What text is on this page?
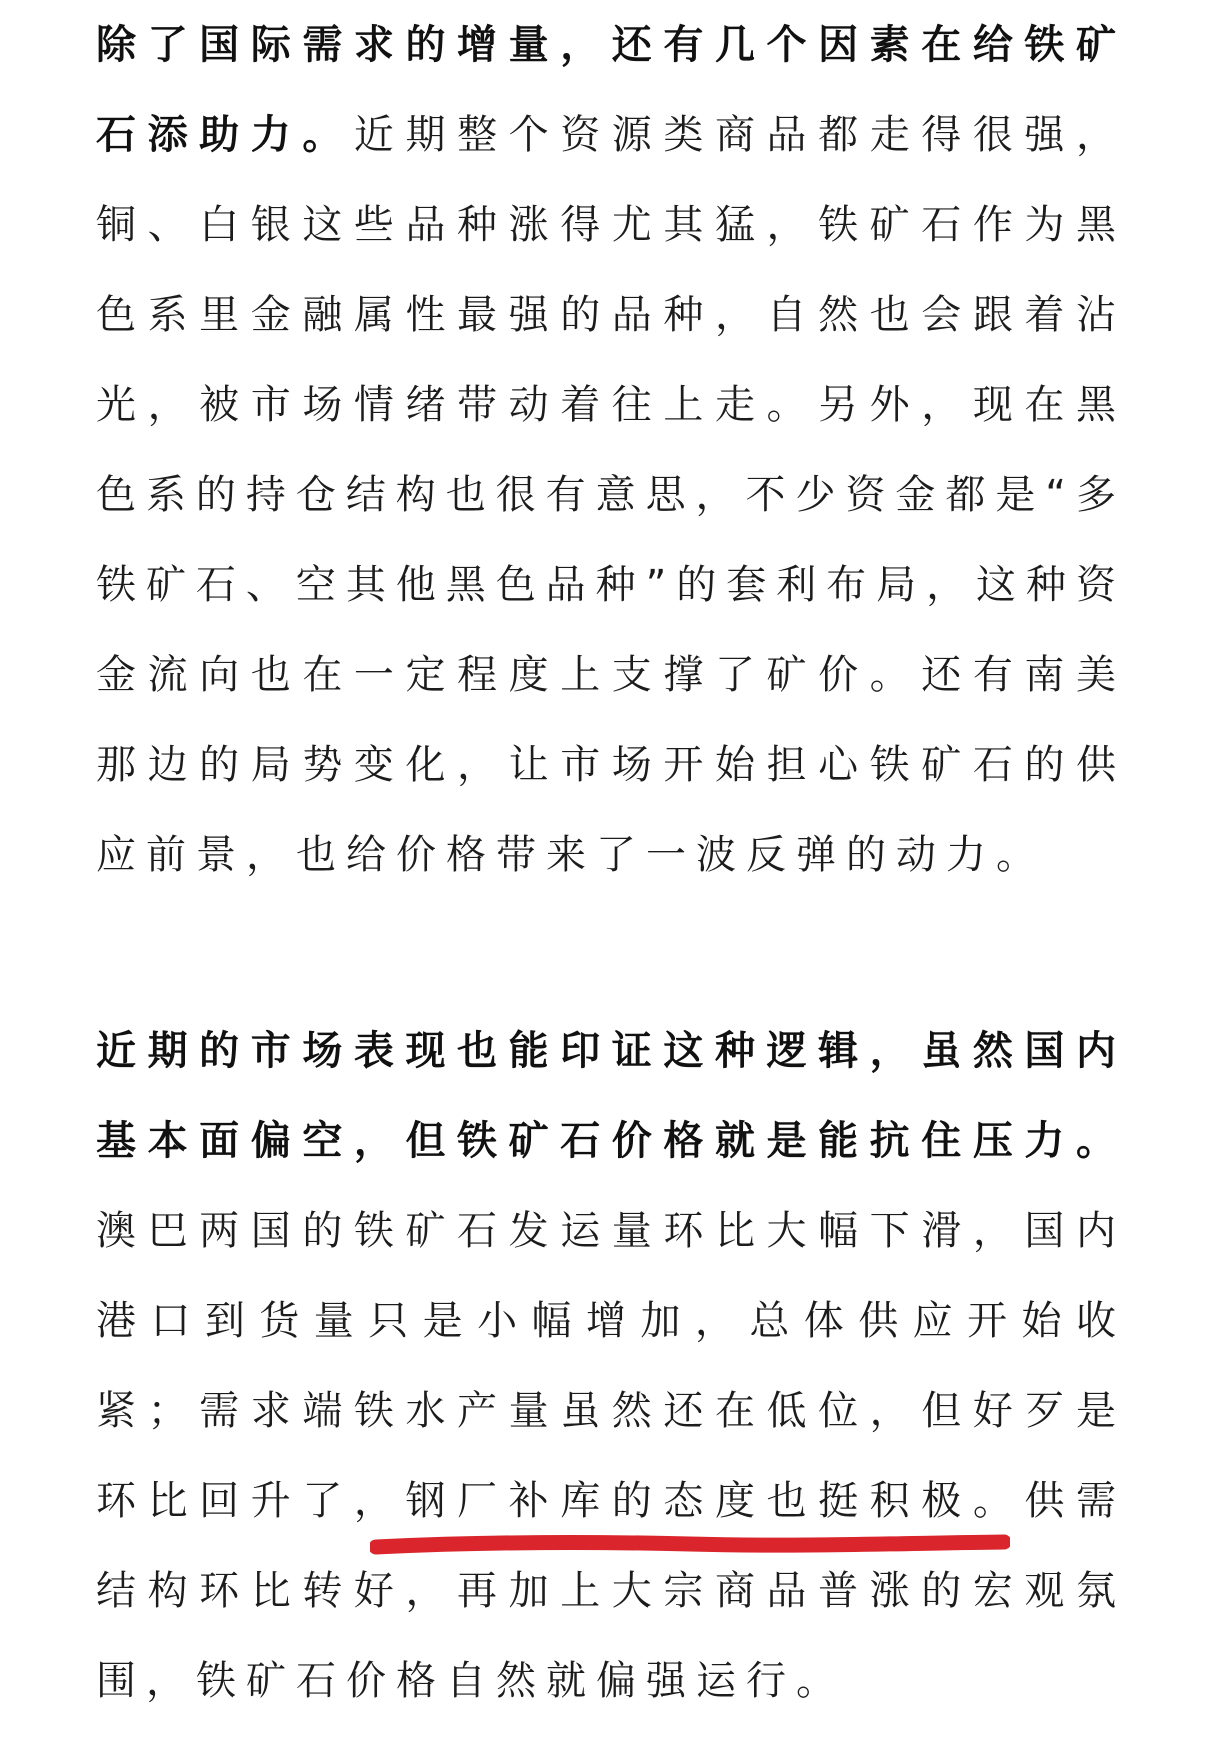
除了国际需求的增量，还有几个因素在给铁矿
石添助力。近期整个资源类商品都走得很强，
铜、白银这些品种涨得尤其猛，铁矿石作为黑
色系里金融属性最强的品种，自然也会跟着沾
光，被市场情绪带动着往上走。另外，现在黑
色系的持仓结构也很有意思，不少资金都是“多
铁矿石、空其他黑色品种”的套利布局，这种资
金流向也在一定程度上支撑了矿价。还有南美
那边的局势变化，让市场开始担心铁矿石的供
应前景，也给价格带来了一波反弹的动力。
近期的市场表现也能印证这种逻辑，虽然国内
基本面偏空，但铁矿石价格就是能抗住压力。
澳巴两国的铁矿石发运量环比大幅下滑，国内
港口到货量只是小幅增加，总体供应开始收
紧；需求端铁水产量虽然还在低位，但好歹是
环比回升了，钢厂补库的态度也挺积极。供需
结构环比转好，再加上大宗商品普涨的宏观氛
围，铁矿石价格自然就偏强运行。
